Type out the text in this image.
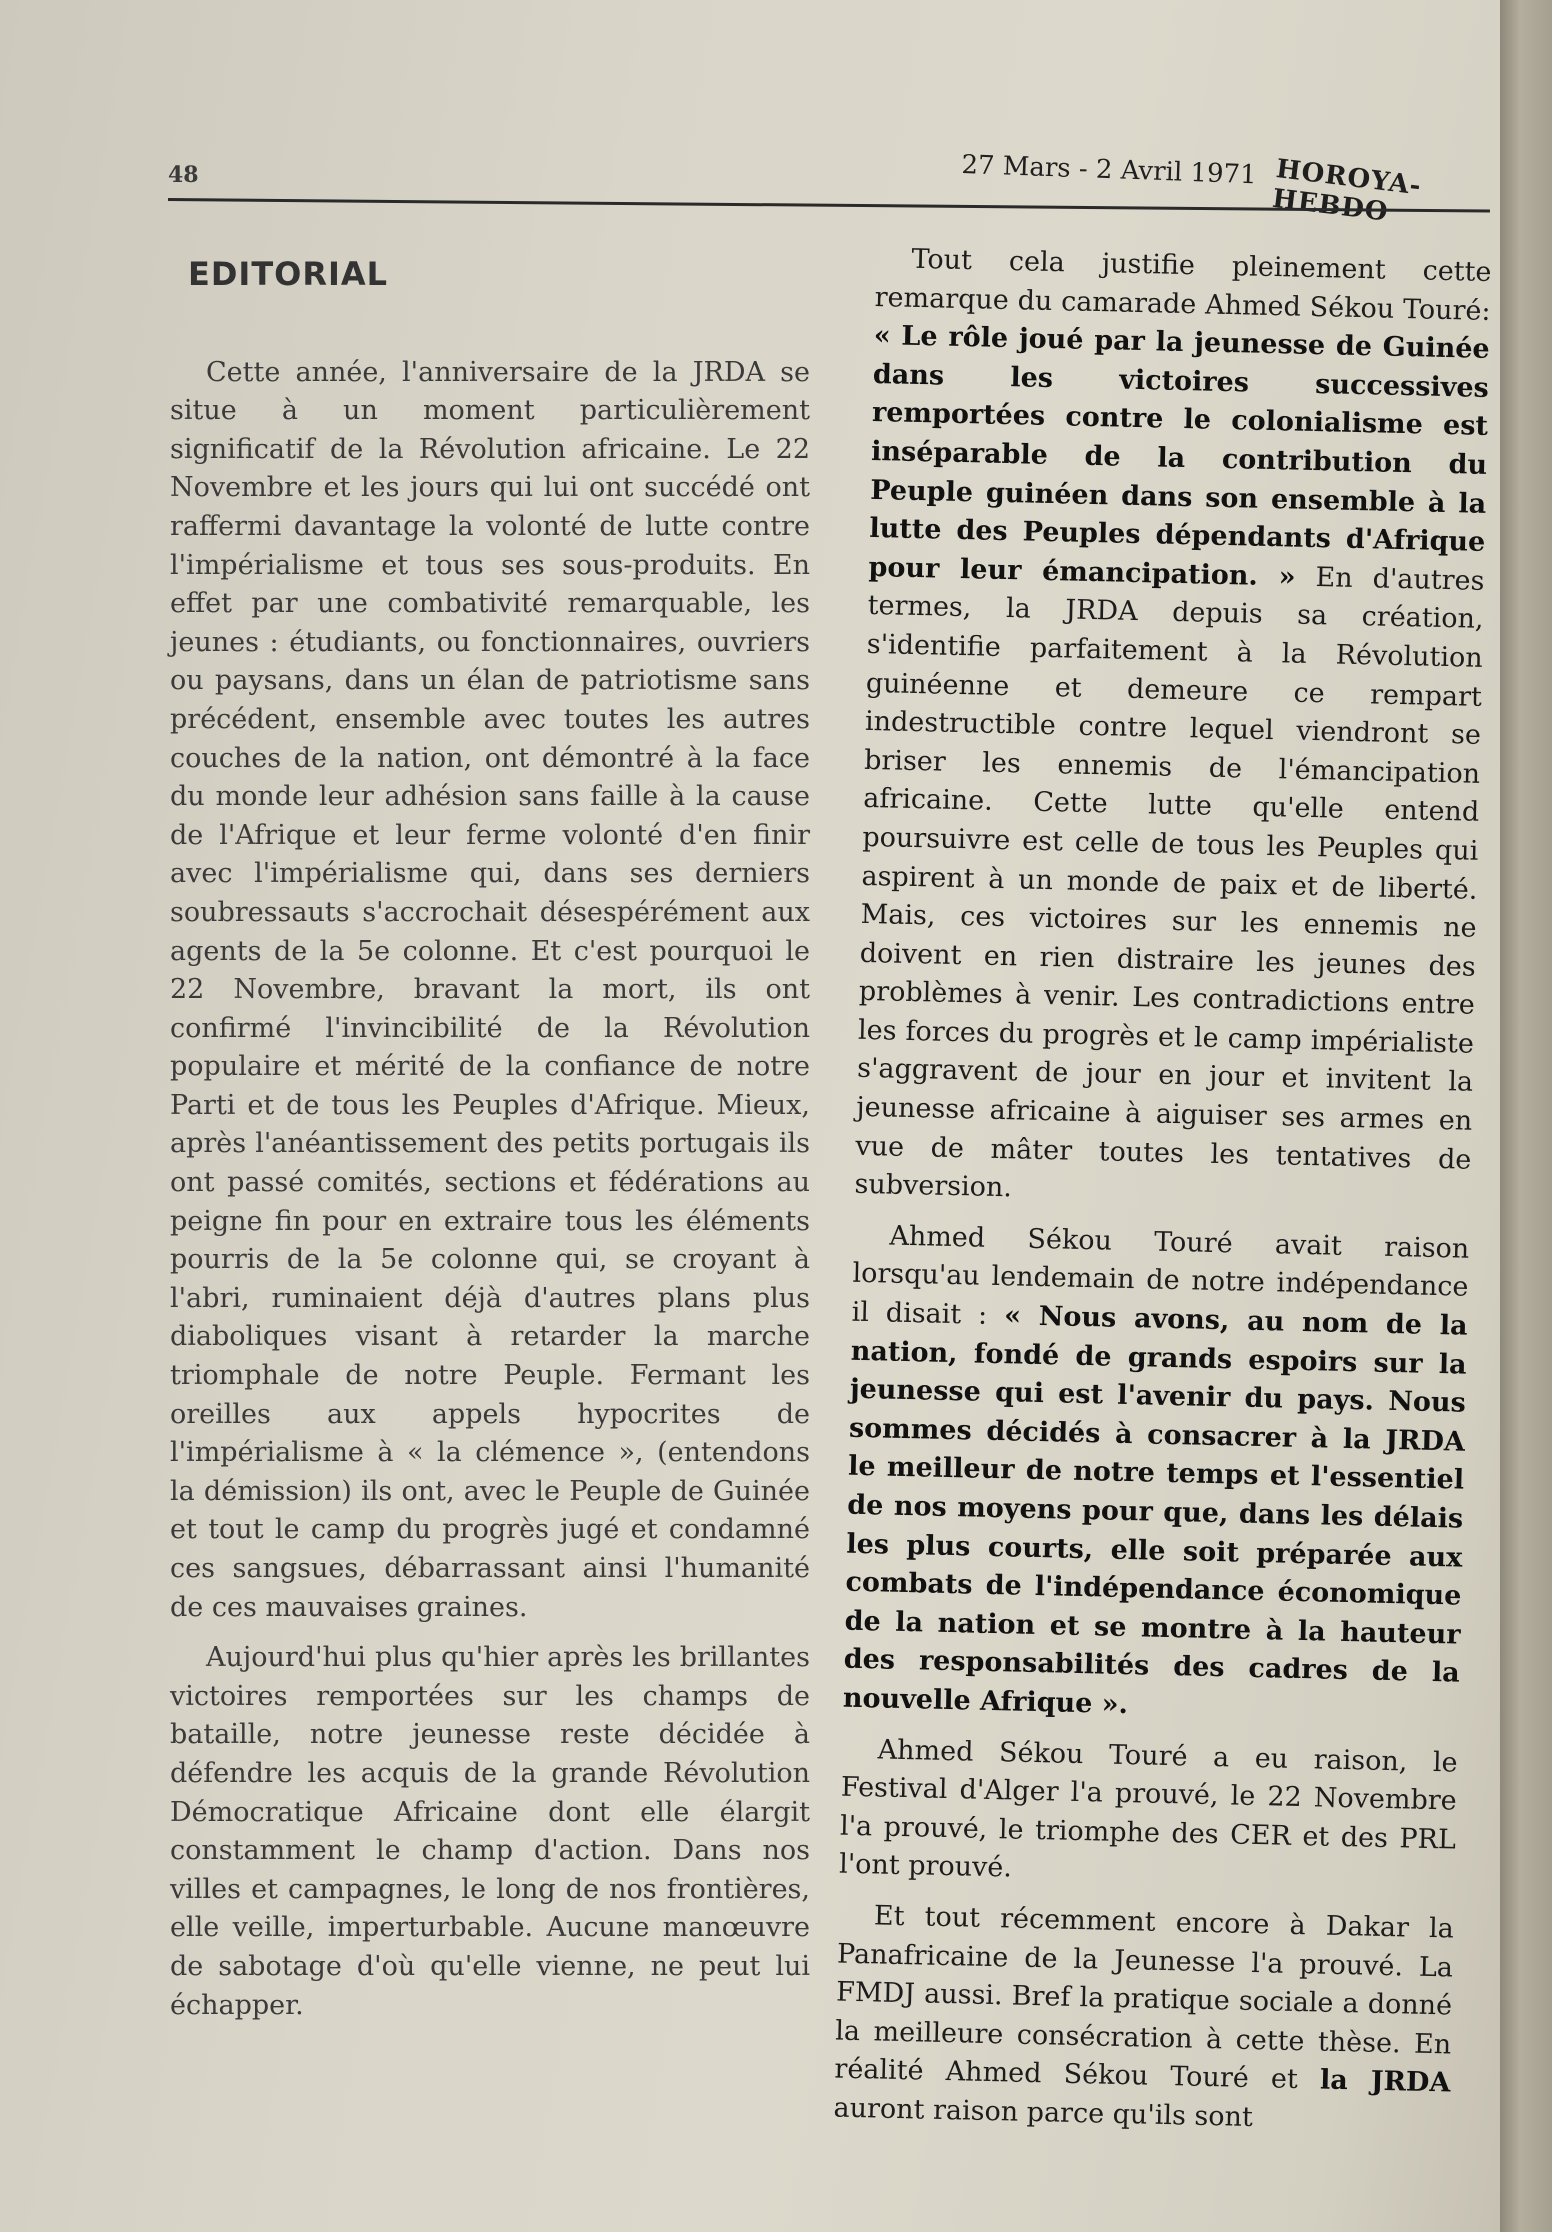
48	27 Mars - 2 Avril 1971 HOROYA-HEBDO
EDITORIAL

Cette année, l'anniversaire de la JRDA se situe à un moment particulièrement significatif de la Révolution africaine. Le 22 Novembre et les jours qui lui ont succédé ont raffermi davantage la volonté de lutte contre l'impérialisme et tous ses sous-produits. En effet par une combativité remarquable, les jeunes : étudiants, ou fonctionnaires, ouvriers ou paysans, dans un élan de patriotisme sans précédent, ensemble avec toutes les autres couches de la nation, ont démontré à la face du monde leur adhésion sans faille à la cause de l'Afrique et leur ferme volonté d'en finir avec l'impérialisme qui, dans ses derniers soubressauts s'accrochait désespérément aux agents de la 5e colonne. Et c'est pourquoi le 22 Novembre, bravant la mort, ils ont confirmé l'invincibilité de la Révolution populaire et mérité de la confiance de notre Parti et de tous les Peuples d'Afrique. Mieux, après l'anéantissement des petits portugais ils ont passé comités, sections et fédérations au peigne fin pour en extraire tous les éléments pourris de la 5e colonne qui, se croyant à l'abri, ruminaient déjà d'autres plans plus diaboliques visant à retarder la marche triomphale de notre Peuple. Fermant les oreilles aux appels hypocrites de l'impérialisme à « la clémence », (entendons la démission) ils ont, avec le Peuple de Guinée et tout le camp du progrès jugé et condamné ces sangsues, débarrassant ainsi l'humanité de ces mauvaises graines.

Aujourd'hui plus qu'hier après les brillantes victoires remportées sur les champs de bataille, notre jeunesse reste décidée à défendre les acquis de la grande Révolution Démocratique Africaine dont elle élargit constamment le champ d'action. Dans nos villes et campagnes, le long de nos frontières, elle veille, imperturbable. Aucune manœuvre de sabotage d'où qu'elle vienne, ne peut lui échapper.

Tout cela justifie pleinement cette remarque du camarade Ahmed Sékou Touré: « Le rôle joué par la jeunesse de Guinée dans les victoires successives remportées contre le colonialisme est inséparable de la contribution du Peuple guinéen dans son ensemble à la lutte des Peuples dépendants d'Afrique pour leur émancipation. » En d'autres termes, la JRDA depuis sa création, s'identifie parfaitement à la Révolution guinéenne et demeure ce rempart indestructible contre lequel viendront se briser les ennemis de l'émancipation africaine. Cette lutte qu'elle entend poursuivre est celle de tous les Peuples qui aspirent à un monde de paix et de liberté. Mais, ces victoires sur les ennemis ne doivent en rien distraire les jeunes des problèmes à venir. Les contradictions entre les forces du progrès et le camp impérialiste s'aggravent de jour en jour et invitent la jeunesse africaine à aiguiser ses armes en vue de mâter toutes les tentatives de subversion.

Ahmed Sékou Touré avait raison lorsqu'au lendemain de notre indépendance il disait : « Nous avons, au nom de la nation, fondé de grands espoirs sur la jeunesse qui est l'avenir du pays. Nous sommes décidés à consacrer à la JRDA le meilleur de notre temps et l'essentiel de nos moyens pour que, dans les délais les plus courts, elle soit préparée aux combats de l'indépendance économique de la nation et se montre à la hauteur des responsabilités des cadres de la nouvelle Afrique ».

Ahmed Sékou Touré a eu raison, le Festival d'Alger l'a prouvé, le 22 Novembre l'a prouvé, le triomphe des CER et des PRL l'ont prouvé.

Et tout récemment encore à Dakar la Panafricaine de la Jeunesse l'a prouvé. La FMDJ aussi. Bref la pratique sociale a donné la meilleure consécration à cette thèse. En réalité Ahmed Sékou Touré et la JRDA auront raison parce qu'ils sont
